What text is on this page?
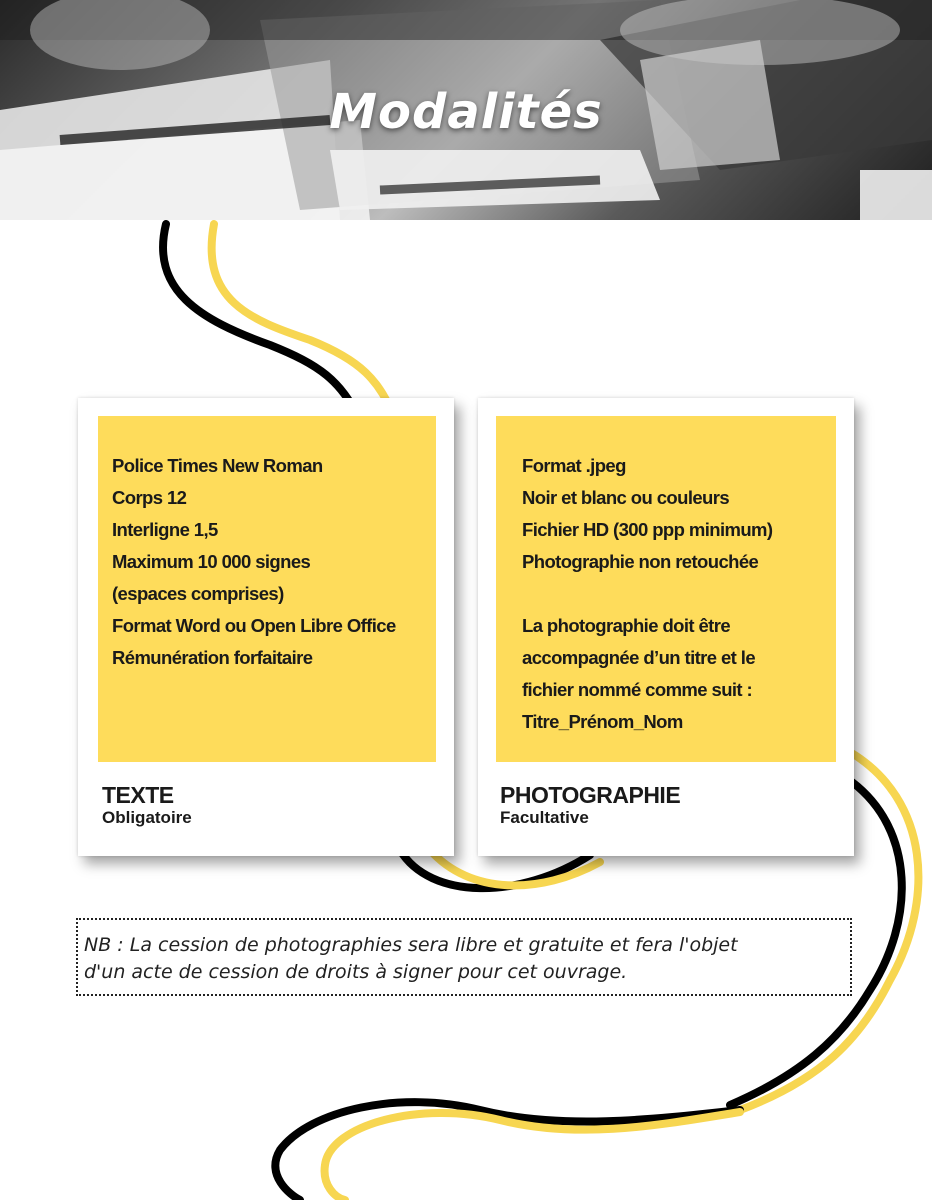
Modalités
Police Times New Roman
Corps 12
Interligne 1,5
Maximum 10 000 signes
(espaces comprises)
Format Word ou Open Libre Office
Rémunération forfaitaire
TEXTE
Obligatoire
Format .jpeg
Noir et blanc ou couleurs
Fichier HD (300 ppp minimum)
Photographie non retouchée
La photographie doit être
accompagnée d’un titre et le
fichier nommé comme suit :
Titre_Prénom_Nom
PHOTOGRAPHIE
Facultative
NB : La cession de photographies sera libre et gratuite et fera l'objet
d'un acte de cession de droits à signer pour cet ouvrage.
